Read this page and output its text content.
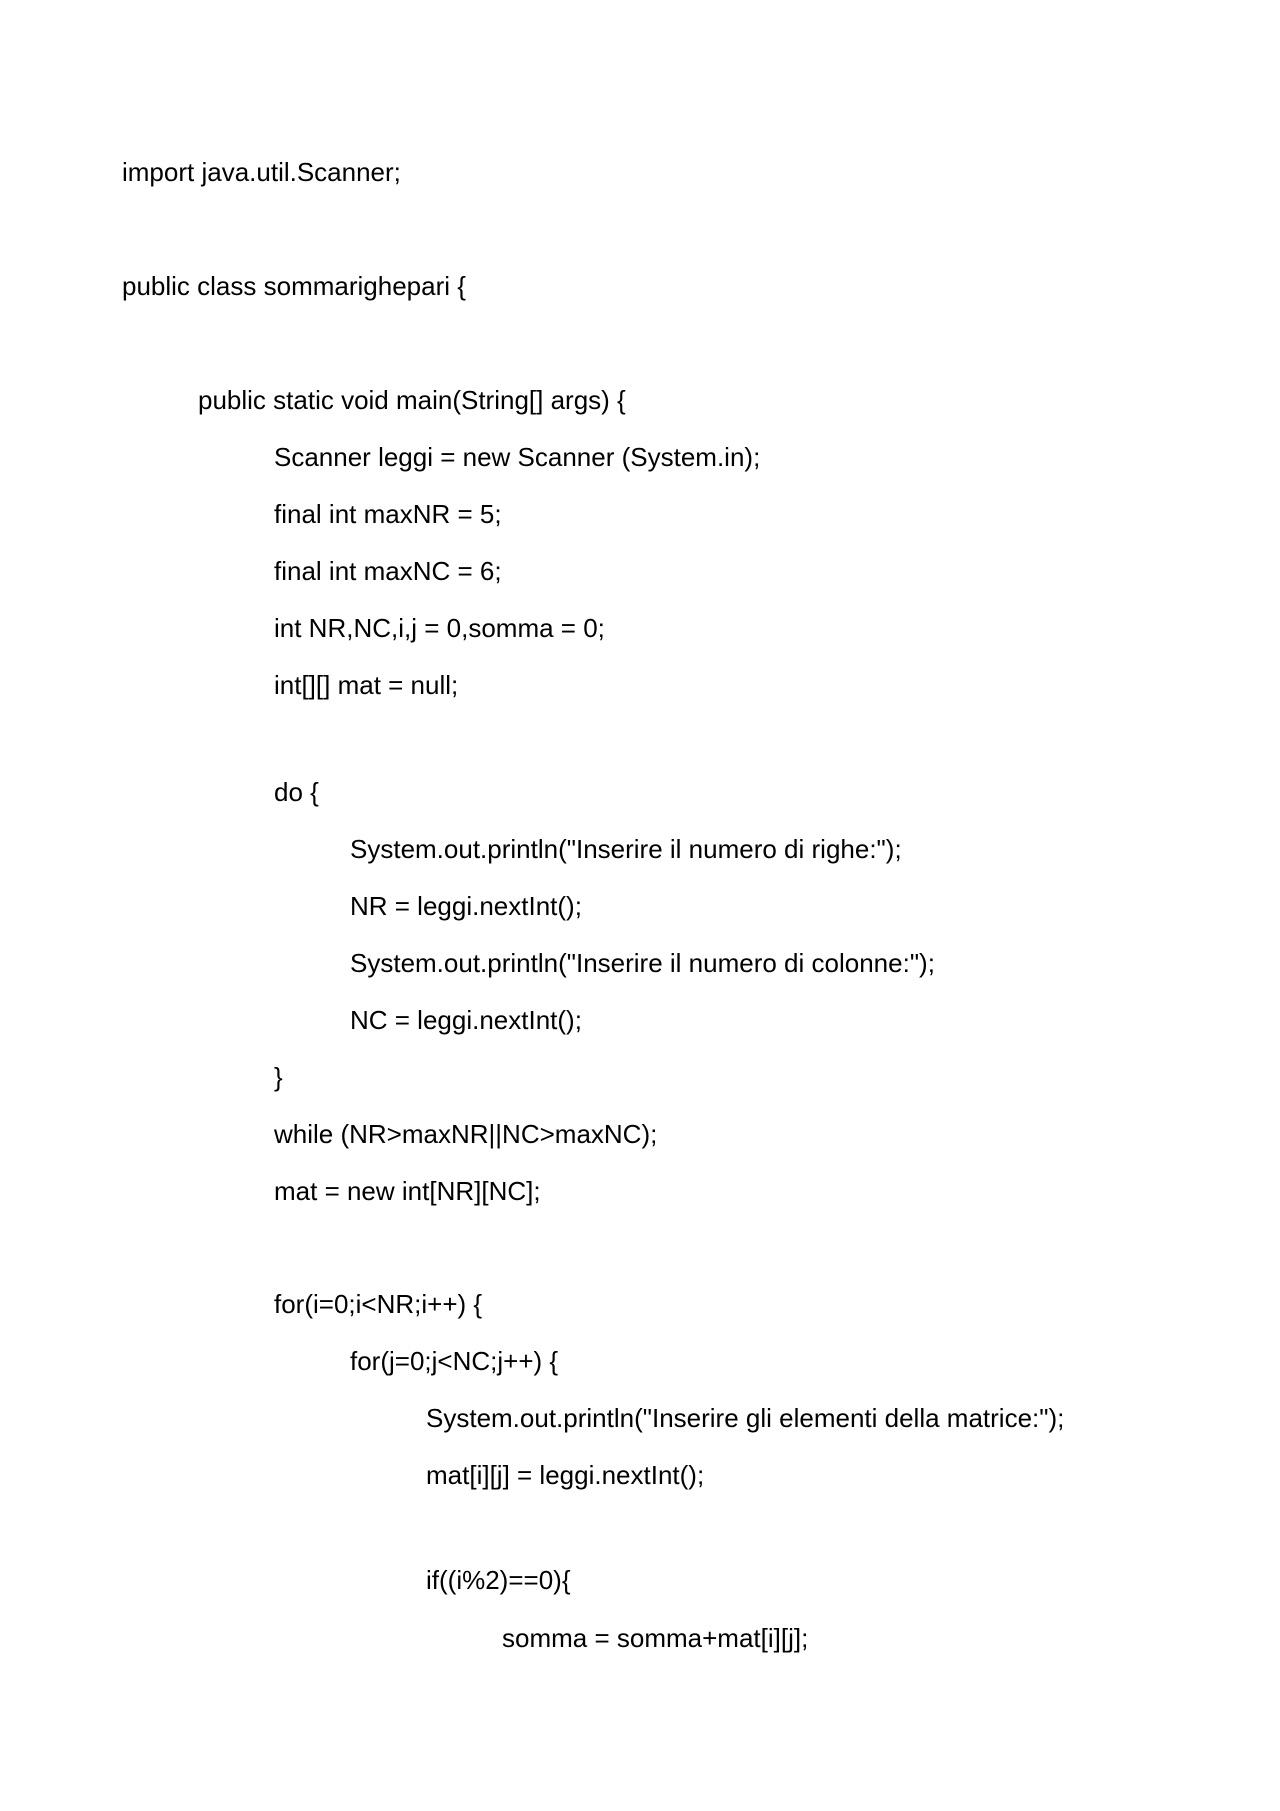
import java.util.Scanner;
public class sommarighepari {
public static void main(String[] args) {
Scanner leggi = new Scanner (System.in);
final int maxNR = 5;
final int maxNC = 6;
int NR,NC,i,j = 0,somma = 0;
int[][] mat = null;
do {
System.out.println("Inserire il numero di righe:");
NR = leggi.nextInt();
System.out.println("Inserire il numero di colonne:");
NC = leggi.nextInt();
}
while (NR>maxNR||NC>maxNC);
mat = new int[NR][NC];
for(i=0;i<NR;i++) {
for(j=0;j<NC;j++) {
System.out.println("Inserire gli elementi della matrice:");
mat[i][j] = leggi.nextInt();
if((i%2)==0){
somma = somma+mat[i][j];
